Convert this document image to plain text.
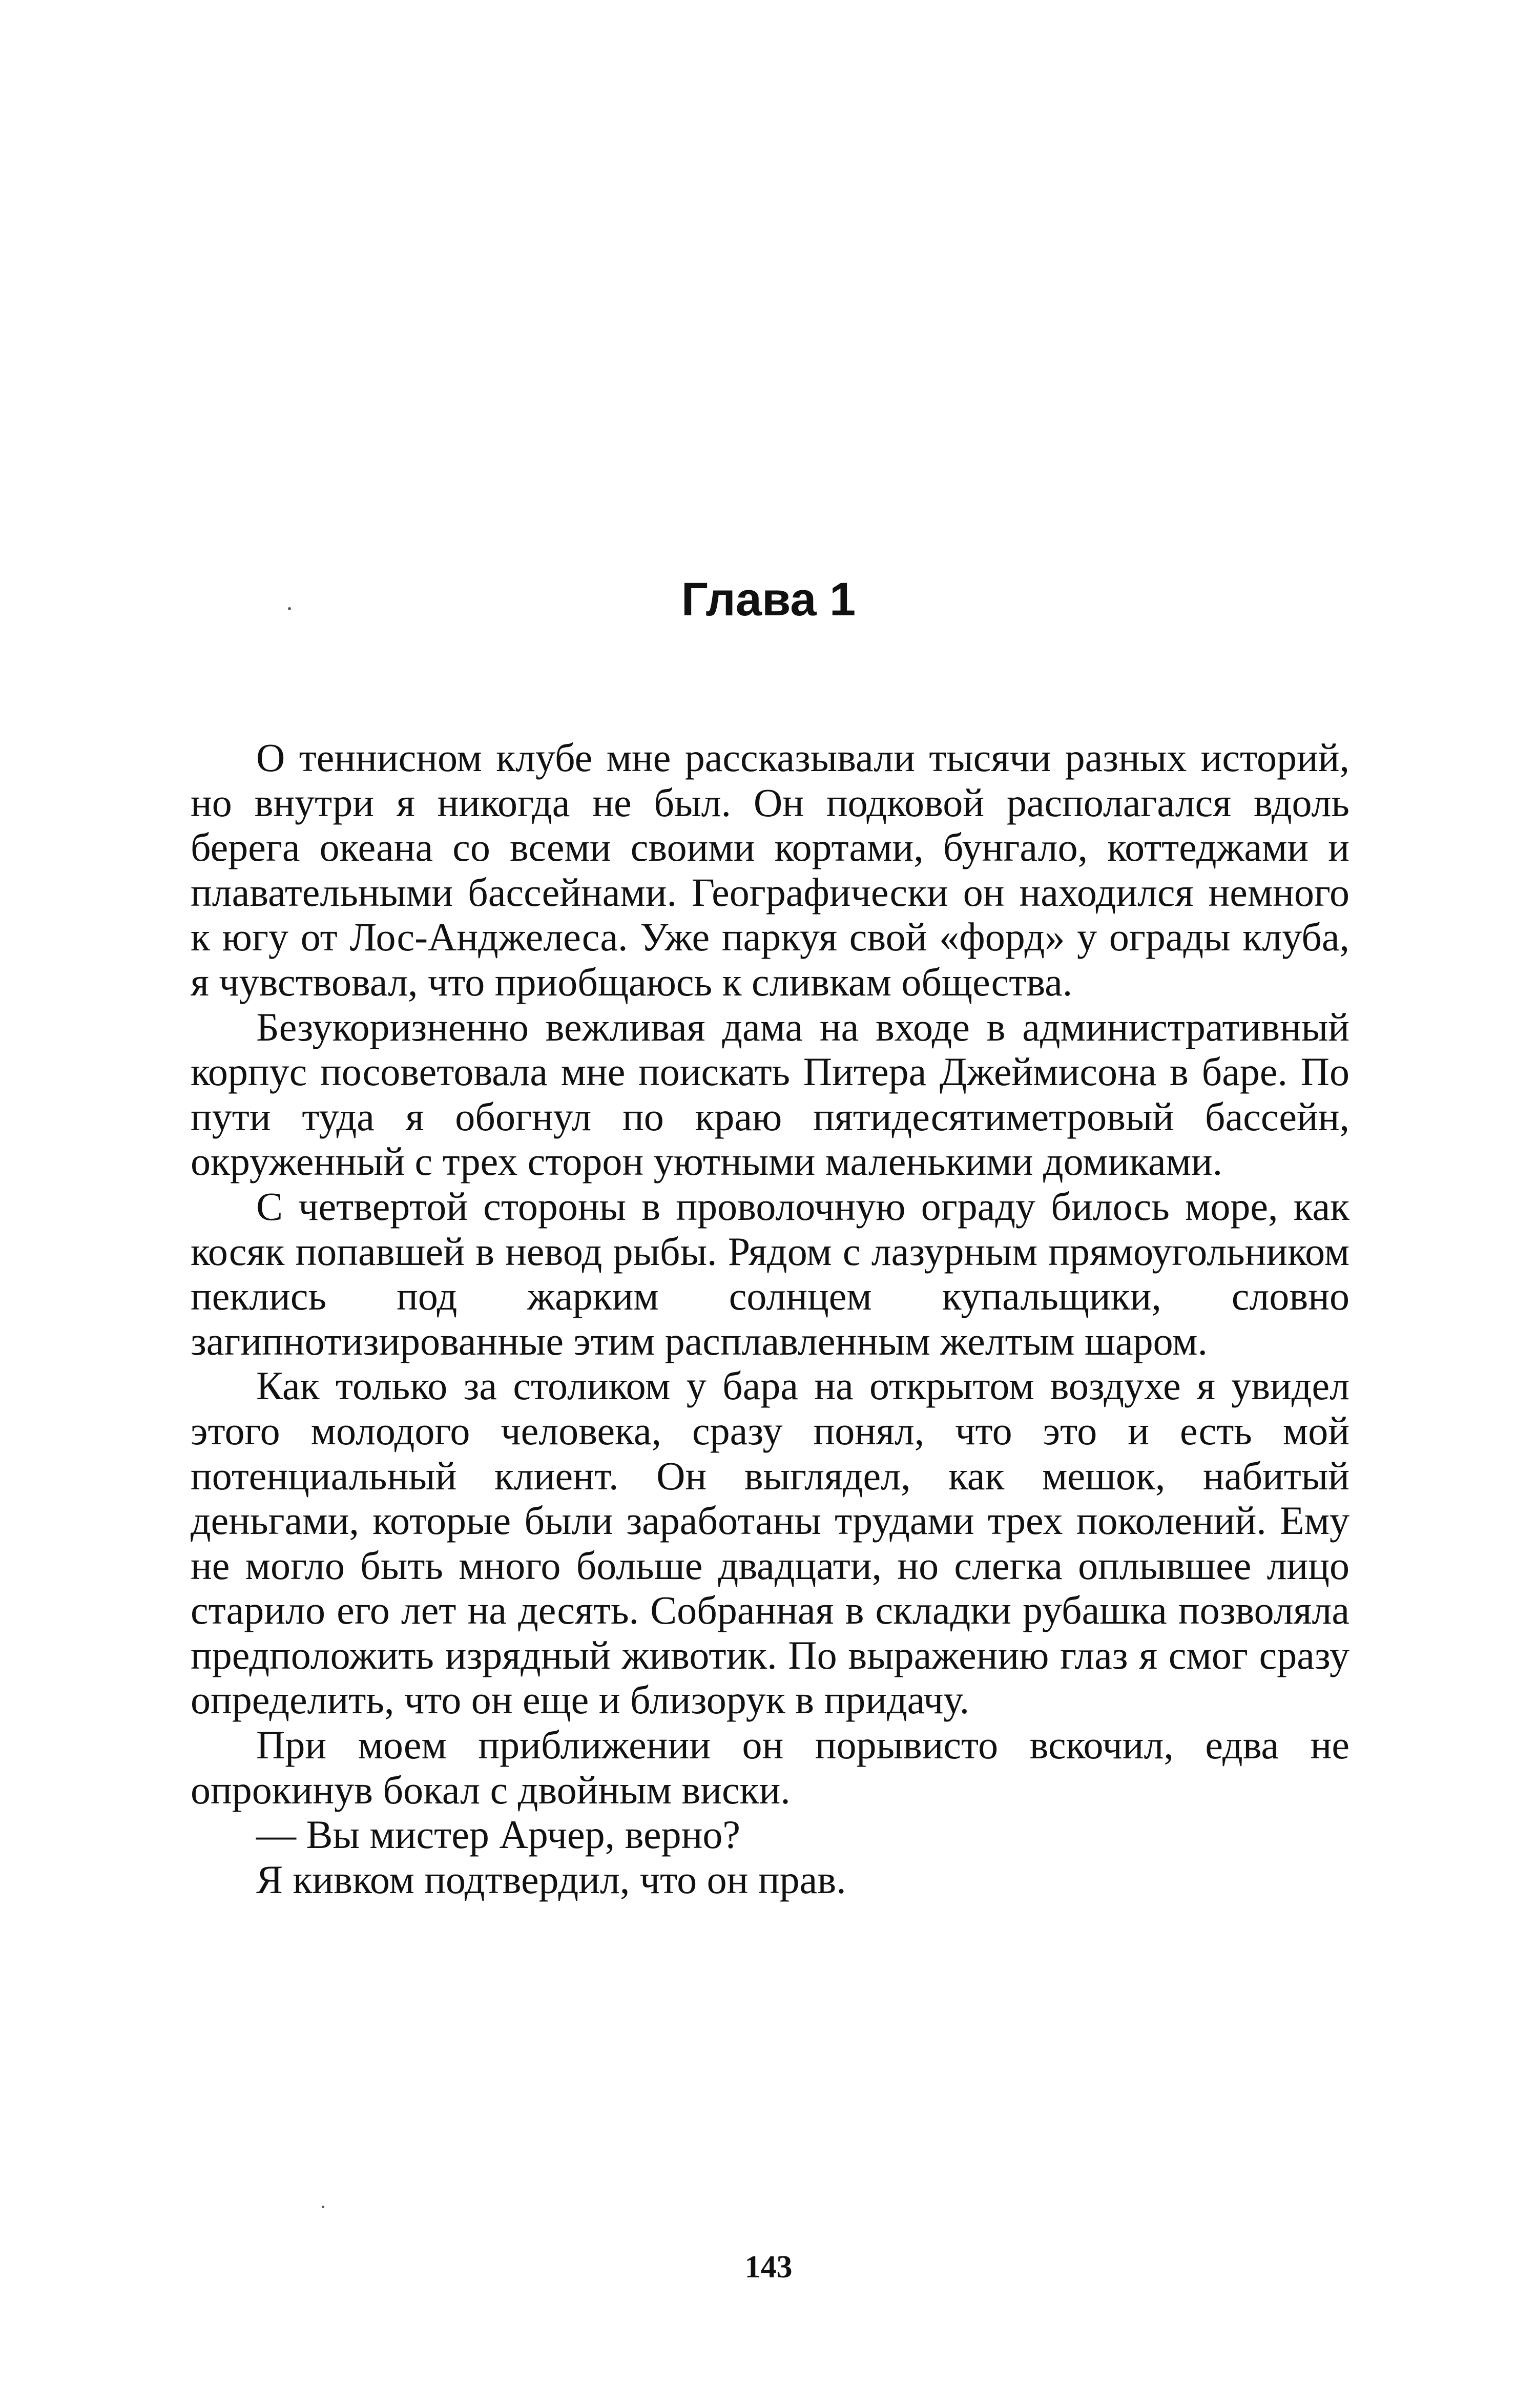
Глава 1

О теннисном клубе мне рассказывали тысячи разных историй, но внутри я никогда не был. Он подковой располагался вдоль берега океана со всеми своими кортами, бунгало, коттеджами и плавательными бассейнами. Географически он находился немного к югу от Лос-Анджелеса. Уже паркуя свой «форд» у ограды клуба, я чувствовал, что приобщаюсь к сливкам общества.

Безукоризненно вежливая дама на входе в административный корпус посоветовала мне поискать Питера Джеймисона в баре. По пути туда я обогнул по краю пятидесятиметровый бассейн, окруженный с трех сторон уютными маленькими домиками.

С четвертой стороны в проволочную ограду билось море, как косяк попавшей в невод рыбы. Рядом с лазурным прямоугольником пеклись под жарким солнцем купальщики, словно загипнотизированные этим расплавленным желтым шаром.

Как только за столиком у бара на открытом воздухе я увидел этого молодого человека, сразу понял, что это и есть мой потенциальный клиент. Он выглядел, как мешок, набитый деньгами, которые были заработаны трудами трех поколений. Ему не могло быть много больше двадцати, но слегка оплывшее лицо старило его лет на десять. Собранная в складки рубашка позволяла предположить изрядный животик. По выражению глаз я смог сразу определить, что он еще и близорук в придачу.

При моем приближении он порывисто вскочил, едва не опрокинув бокал с двойным виски.

— Вы мистер Арчер, верно?

Я кивком подтвердил, что он прав.

143
